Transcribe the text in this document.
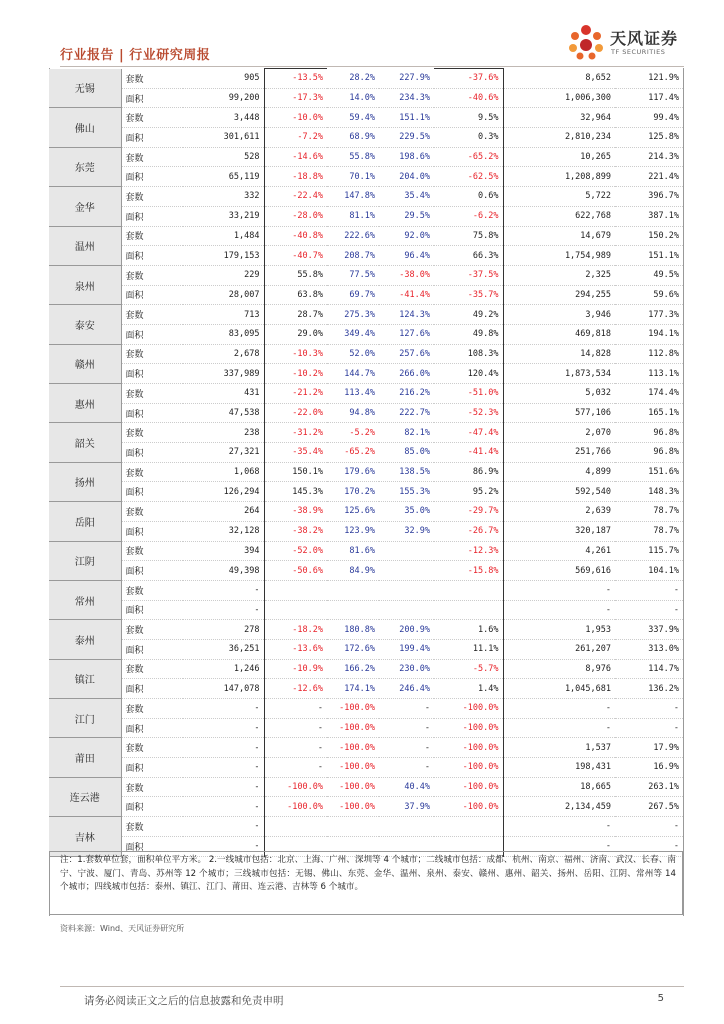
行业报告 | 行业研究周报
天风证券
TF SECURITIES
无锡	套数	905	-13.5%	28.2%	227.9%	-37.6%	8,652	121.9%
	面积	99,200	-17.3%	14.0%	234.3%	-40.6%	1,006,300	117.4%
佛山	套数	3,448	-10.0%	59.4%	151.1%	9.5%	32,964	99.4%
	面积	301,611	-7.2%	68.9%	229.5%	0.3%	2,810,234	125.8%
东莞	套数	528	-14.6%	55.8%	198.6%	-65.2%	10,265	214.3%
	面积	65,119	-18.8%	70.1%	204.0%	-62.5%	1,208,899	221.4%
金华	套数	332	-22.4%	147.8%	35.4%	0.6%	5,722	396.7%
	面积	33,219	-28.0%	81.1%	29.5%	-6.2%	622,768	387.1%
温州	套数	1,484	-40.8%	222.6%	92.0%	75.8%	14,679	150.2%
	面积	179,153	-40.7%	208.7%	96.4%	66.3%	1,754,989	151.1%
泉州	套数	229	55.8%	77.5%	-38.0%	-37.5%	2,325	49.5%
	面积	28,007	63.8%	69.7%	-41.4%	-35.7%	294,255	59.6%
泰安	套数	713	28.7%	275.3%	124.3%	49.2%	3,946	177.3%
	面积	83,095	29.0%	349.4%	127.6%	49.8%	469,818	194.1%
赣州	套数	2,678	-10.3%	52.0%	257.6%	108.3%	14,828	112.8%
	面积	337,989	-10.2%	144.7%	266.0%	120.4%	1,873,534	113.1%
惠州	套数	431	-21.2%	113.4%	216.2%	-51.0%	5,032	174.4%
	面积	47,538	-22.0%	94.8%	222.7%	-52.3%	577,106	165.1%
韶关	套数	238	-31.2%	-5.2%	82.1%	-47.4%	2,070	96.8%
	面积	27,321	-35.4%	-65.2%	85.0%	-41.4%	251,766	96.8%
扬州	套数	1,068	150.1%	179.6%	138.5%	86.9%	4,899	151.6%
	面积	126,294	145.3%	170.2%	155.3%	95.2%	592,540	148.3%
岳阳	套数	264	-38.9%	125.6%	35.0%	-29.7%	2,639	78.7%
	面积	32,128	-38.2%	123.9%	32.9%	-26.7%	320,187	78.7%
江阴	套数	394	-52.0%	81.6%		-12.3%	4,261	115.7%
	面积	49,398	-50.6%	84.9%		-15.8%	569,616	104.1%
常州	套数	-					-	-
	面积	-					-	-
泰州	套数	278	-18.2%	180.8%	200.9%	1.6%	1,953	337.9%
	面积	36,251	-13.6%	172.6%	199.4%	11.1%	261,207	313.0%
镇江	套数	1,246	-10.9%	166.2%	230.0%	-5.7%	8,976	114.7%
	面积	147,078	-12.6%	174.1%	246.4%	1.4%	1,045,681	136.2%
江门	套数	-	-	-100.0%	-	-100.0%	-	-
	面积	-	-	-100.0%	-	-100.0%	-	-
莆田	套数	-	-	-100.0%	-	-100.0%	1,537	17.9%
	面积	-	-	-100.0%	-	-100.0%	198,431	16.9%
连云港	套数	-	-100.0%	-100.0%	40.4%	-100.0%	18,665	263.1%
	面积	-	-100.0%	-100.0%	37.9%	-100.0%	2,134,459	267.5%
吉林	套数	-					-	-
	面积	-					-	-
注：1.套数单位套，面积单位平方米。 2.一线城市包括：北京、上海、广州、深圳等 4 个城市；二线城市包括：成都、杭州、南京、福州、济南、武汉、长春、南宁、宁波、厦门、青岛、苏州等 12 个城市；三线城市包括：无锡、佛山、东莞、金华、温州、泉州、泰安、赣州、惠州、韶关、扬州、岳阳、江阴、常州等 14 个城市；四线城市包括：泰州、镇江、江门、莆田、连云港、吉林等 6 个城市。
资料来源：Wind、天风证券研究所
请务必阅读正文之后的信息披露和免责申明	5
